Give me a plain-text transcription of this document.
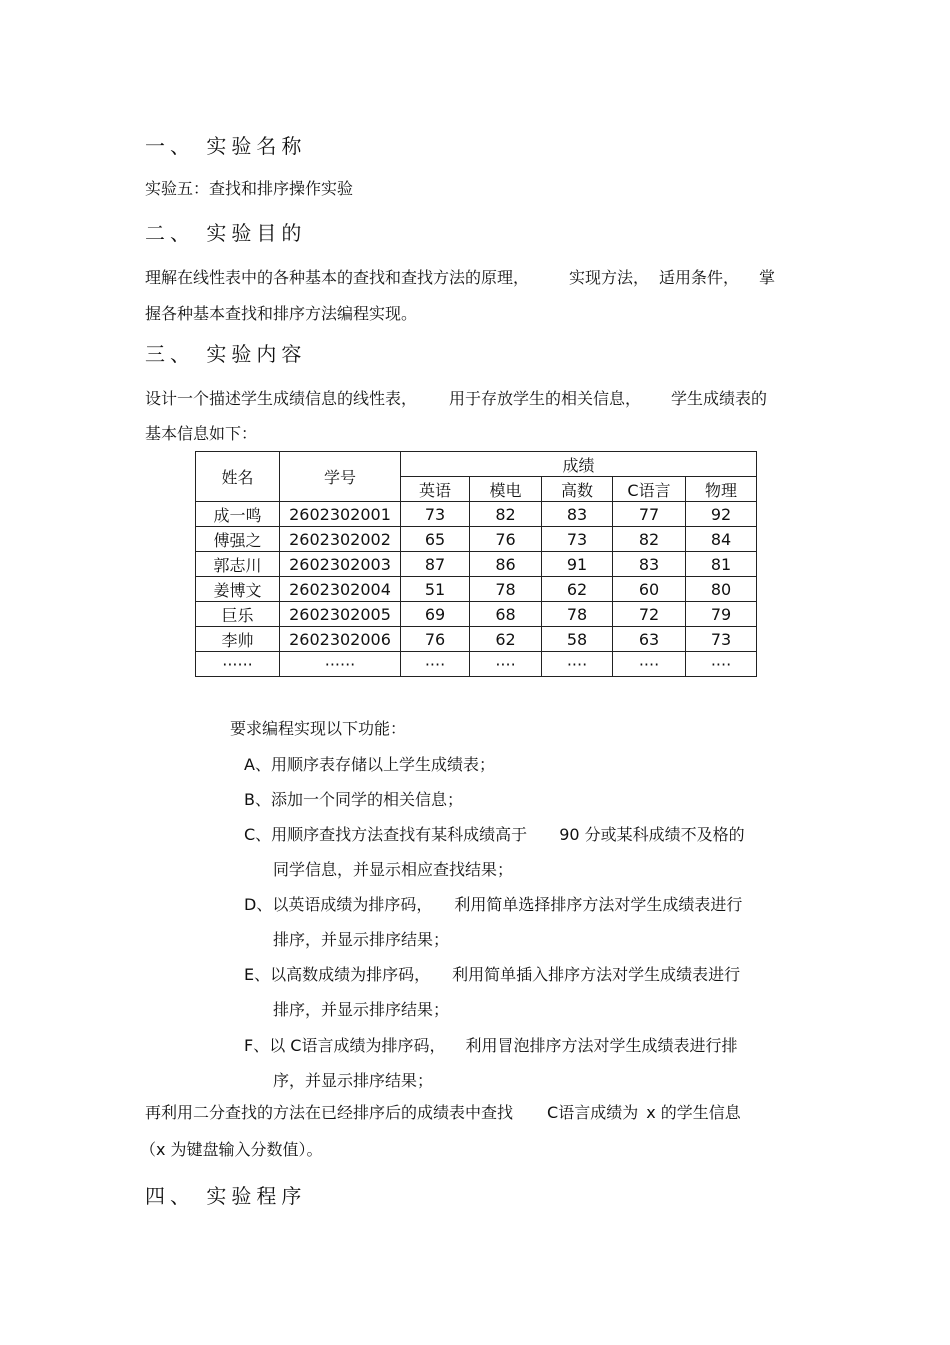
一、 实验名称
实验五：查找和排序操作实验
二、 实验目的
理解在线性表中的各种基本的查找和查找方法的原理，	实现方法， 适用条件， 掌
握各种基本查找和排序方法编程实现。
三、 实验内容
设计一个描述学生成绩信息的线性表， 用于存放学生的相关信息， 学生成绩表的
基本信息如下：
姓名	学号	成绩				
		英语	模电	高数	C语言	物理
成一鸣	2602302001	73	82	83	77	92
傅强之	2602302002	65	76	73	82	84
郭志川	2602302003	87	86	91	83	81
姜博文	2602302004	51	78	62	60	80
巨乐	2602302005	69	68	78	72	79
李帅	2602302006	76	62	58	63	73
······	······	····	····	····	····	····
要求编程实现以下功能：
A、用顺序表存储以上学生成绩表；
B、添加一个同学的相关信息；
C、用顺序查找方法查找有某科成绩高于 90 分或某科成绩不及格的
同学信息，并显示相应查找结果；
D、以英语成绩为排序码， 利用简单选择排序方法对学生成绩表进行
排序，并显示排序结果；
E、以高数成绩为排序码， 利用简单插入排序方法对学生成绩表进行
排序，并显示排序结果；
F、以 C语言成绩为排序码， 利用冒泡排序方法对学生成绩表进行排
序，并显示排序结果；
再利用二分查找的方法在已经排序后的成绩表中查找 C语言成绩为 x 的学生信息
（x 为键盘输入分数值）。
四、 实验程序
